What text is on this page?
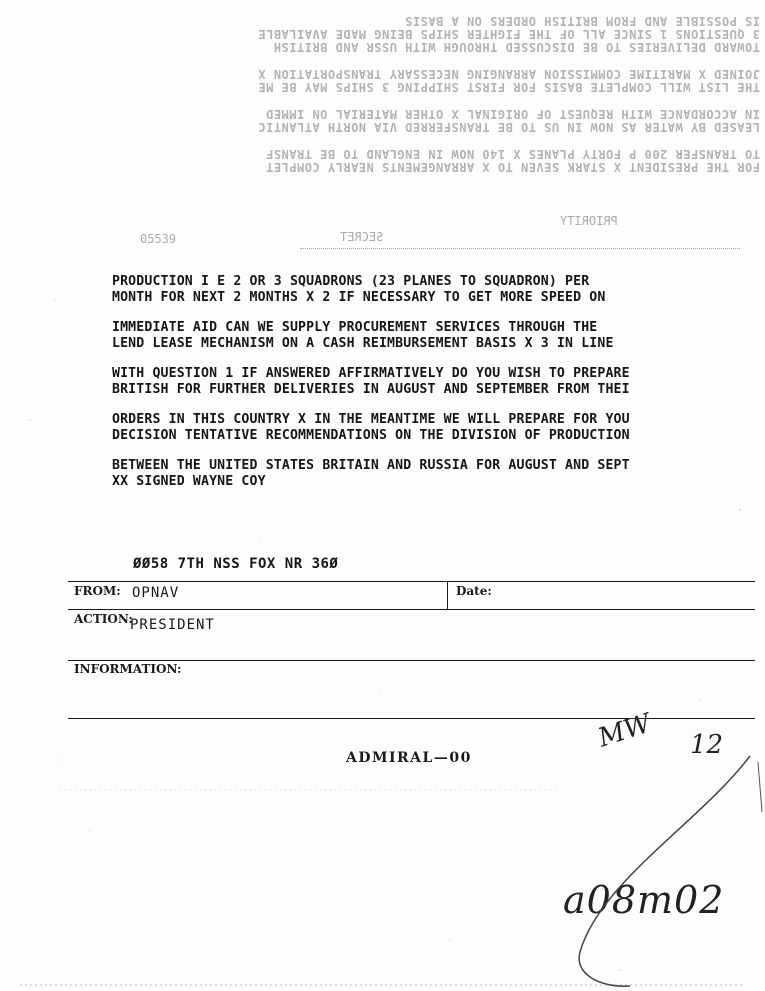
FOR THE PRESIDENT X STARK SEVEN TO X ARRANGEMENTS NEARLY COMPLET
TO TRANSFER 200 P FORTY PLANES X 140 NOW IN ENGLAND TO BE TRANSF
LEASED BY WATER AS NOW IN US TO BE TRANSFERRED VIA NORTH ATLANTIC
IN ACCORDANCE WITH REQUEST OF ORIGINAL X OTHER MATERIAL ON IMMED
THE LIST WILL COMPLETE BASIS FOR FIRST SHIPPING 3 SHIPS MAY BE ME
JOINED X MARITIME COMMISSION ARRANGING NECESSARY TRANSPORTATION X
TOWARD DELIVERIES TO BE DISCUSSED THROUGH WITH USSR AND BRITISH
3 QUESTIONS 1 SINCE ALL OF THE FIGHTER SHIPS BEING MADE AVAILABLE
IS POSSIBLE AND FROM BRITISH ORDERS ON A BASIS
05539	SECRET
PRIORITY
PRODUCTION I E 2 OR 3 SQUADRONS (23 PLANES TO SQUADRON) PER
MONTH FOR NEXT 2 MONTHS X 2 IF NECESSARY TO GET MORE SPEED ON
IMMEDIATE AID CAN WE SUPPLY PROCUREMENT SERVICES THROUGH THE
LEND LEASE MECHANISM ON A CASH REIMBURSEMENT BASIS X 3 IN LINE
WITH QUESTION 1 IF ANSWERED AFFIRMATIVELY DO YOU WISH TO PREPARE
BRITISH FOR FURTHER DELIVERIES IN AUGUST AND SEPTEMBER FROM THEI
ORDERS IN THIS COUNTRY X IN THE MEANTIME WE WILL PREPARE FOR YOU
DECISION TENTATIVE RECOMMENDATIONS ON THE DIVISION OF PRODUCTION
BETWEEN THE UNITED STATES BRITAIN AND RUSSIA FOR AUGUST AND SEPT
XX SIGNED WAYNE COY
ØØ58 7TH NSS FOX NR 36Ø
FROM: OPNAV	Date:
ACTION:
PRESIDENT
INFORMATION:
ADMIRAL—00
MW 12
a08m02
